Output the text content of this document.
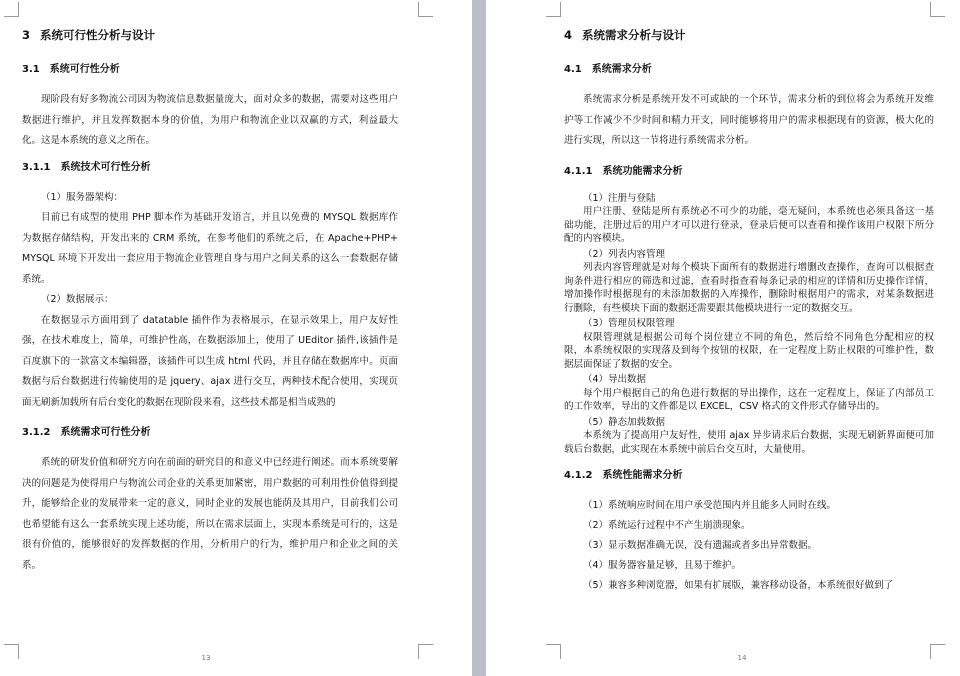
3 系统可行性分析与设计
3.1 系统可行性分析

现阶段有好多物流公司因为物流信息数据量庞大，面对众多的数据，需要对这些用户数据进行维护，并且发挥数据本身的价值，为用户和物流企业以双赢的方式，利益最大化。这是本系统的意义之所在。

3.1.1 系统技术可行性分析

（1）服务器架构：

目前已有成型的使用 PHP 脚本作为基础开发语言，并且以免费的 MYSQL 数据库作为数据存储结构，开发出来的 CRM 系统，在参考他们的系统之后，在 Apache+PHP+ MYSQL 环境下开发出一套应用于物流企业管理自身与用户之间关系的这么一套数据存储系统。

（2）数据展示：

在数据显示方面用到了 datatable 插件作为表格展示，在显示效果上，用户友好性强，在技术难度上，简单，可维护性高，在数据添加上，使用了 UEditor 插件,该插件是百度旗下的一款富文本编辑器，该插件可以生成 html 代码，并且存储在数据库中。页面数据与后台数据进行传输使用的是 jquery、ajax 进行交互，两种技术配合使用，实现页面无刷新加载所有后台变化的数据在现阶段来看，这些技术都是相当成熟的

3.1.2 系统需求可行性分析

系统的研发价值和研究方向在前面的研究目的和意义中已经进行阐述。而本系统要解决的问题是为使得用户与物流公司企业的关系更加紧密，用户数据的可利用性价值得到提升，能够给企业的发展带来一定的意义，同时企业的发展也能荫及其用户，目前我们公司也希望能有这么一套系统实现上述功能，所以在需求层面上，实现本系统是可行的，这是很有价值的，能够很好的发挥数据的作用，分析用户的行为，维护用户和企业之间的关系。

13
4 系统需求分析与设计
4.1 系统需求分析

系统需求分析是系统开发不可或缺的一个环节，需求分析的到位将会为系统开发维护等工作减少不少时间和精力开支，同时能够将用户的需求根据现有的资源，极大化的进行实现，所以这一节将进行系统需求分析。

4.1.1 系统功能需求分析

（1）注册与登陆

用户注册、登陆是所有系统必不可少的功能，毫无疑问，本系统也必须具备这一基础功能，注册过后的用户才可以进行登录，登录后便可以查看和操作该用户权限下所分配的内容模块。

（2）列表内容管理

列表内容管理就是对每个模块下面所有的数据进行增删改查操作，查询可以根据查询条件进行相应的筛选和过滤，查看时指查看每条记录的相应的详情和历史操作详情，增加操作时根据现有的未添加数据的入库操作，删除时根据用户的需求，对某条数据进行删除，有些模块下面的数据还需要跟其他模块进行一定的数据交互。

（3）管理员权限管理

权限管理就是根据公司每个岗位建立不同的角色，然后给不同角色分配相应的权限，本系统权限的实现落及到每个按钮的权限，在一定程度上防止权限的可维护性，数据层面保证了数据的安全。

（4）导出数据

每个用户根据自己的角色进行数据的导出操作，这在一定程度上，保证了内部员工的工作效率，导出的文件都是以 EXCEL，CSV 格式的文件形式存储导出的。

（5）静态加载数据

本系统为了提高用户友好性，使用 ajax 异步请求后台数据，实现无刷新界面便可加载后台数据，此实现在本系统中前后台交互时，大量使用。

4.1.2 系统性能需求分析

（1）系统响应时间在用户承受范围内并且能多人同时在线。

（2）系统运行过程中不产生崩溃现象。

（3）显示数据准确无误，没有遗漏或者多出异常数据。

（4）服务器容量足够，且易于维护。

（5）兼容多种浏览器，如果有扩展版，兼容移动设备，本系统很好做到了

14
